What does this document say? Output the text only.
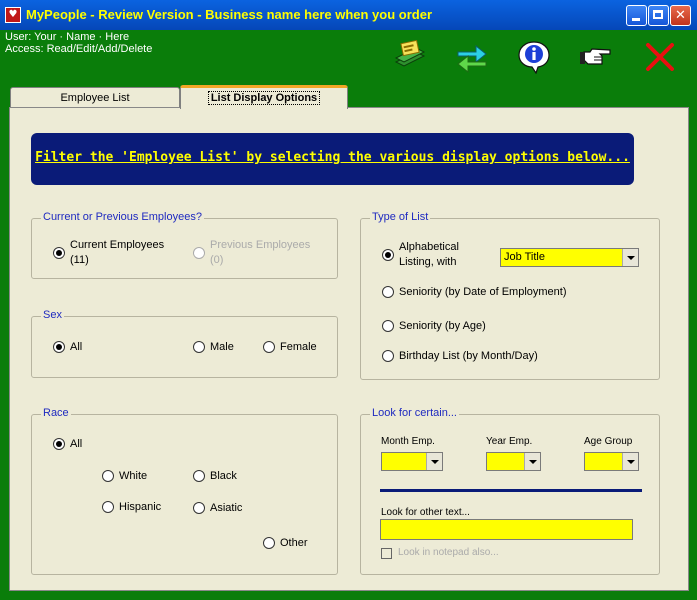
♥ MyPeople - Review Version - Business name here when you order	✕
User: Your · Name · Here
Access: Read/Edit/Add/Delete
Employee List	List Display Options
Filter the 'Employee List' by selecting the various display options below...
Current or Previous Employees?
Current Employees
(11)
Previous Employees
(0)
Sex
All	Male	Female
Race
All
White	Black
Hispanic	Asiatic
Other
Type of List
Alphabetical
Listing, with	Job Title
Seniority (by Date of Employment)
Seniority (by Age)
Birthday List (by Month/Day)
Look for certain...
Month Emp.	Year Emp.	Age Group
Look for other text...
Look in notepad also...
